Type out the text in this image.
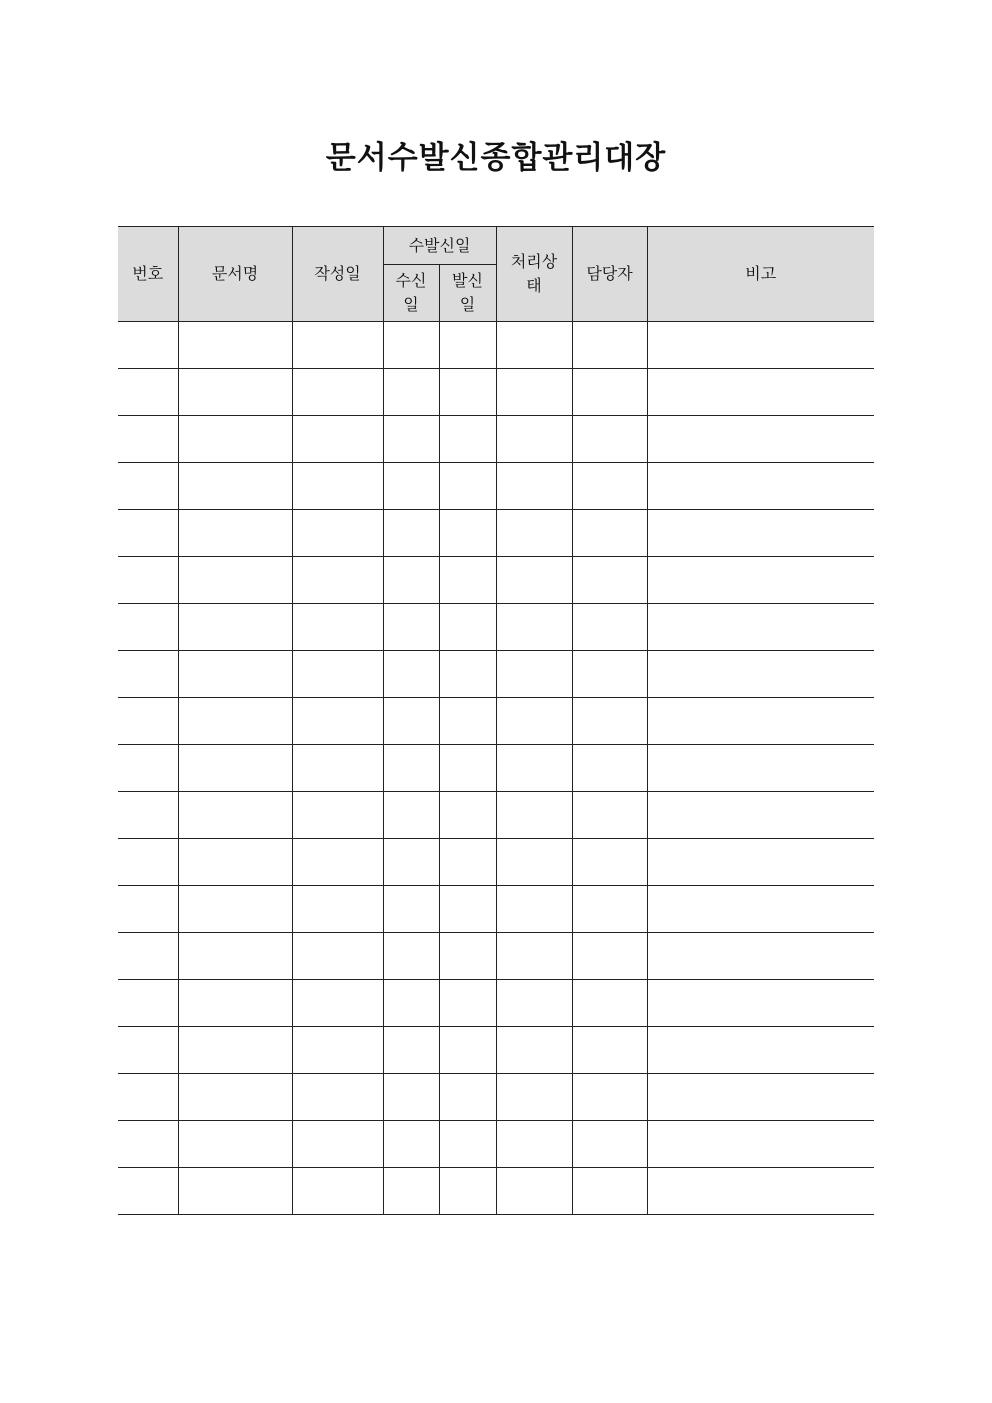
문서수발신종합관리대장
번호	문서명	작성일	수발신일		처리상태	담당자	비고
			수신일	발신일			
